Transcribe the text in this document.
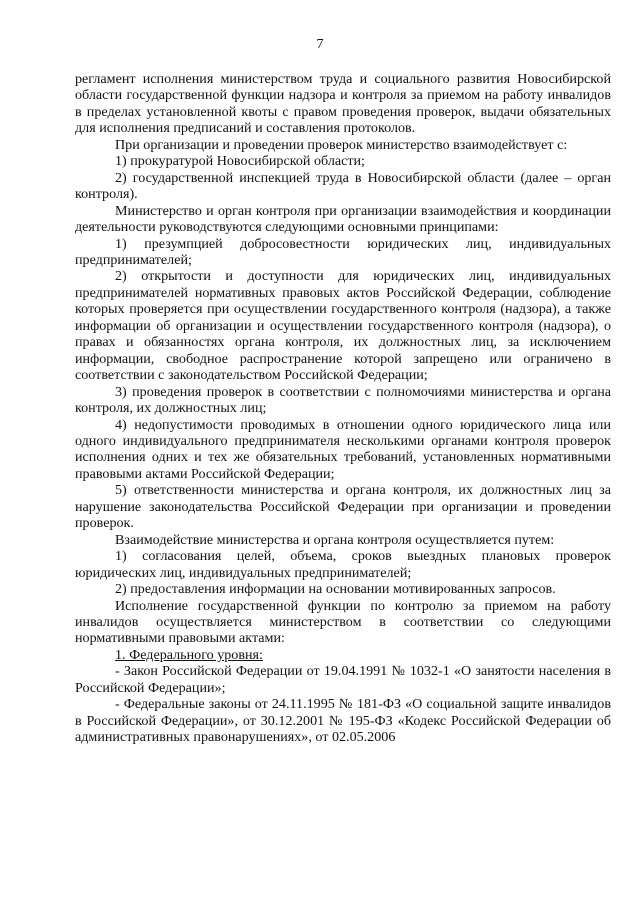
7

регламент исполнения министерством труда и социального развития Новосибирской области государственной функции надзора и контроля за приемом на работу инвалидов в пределах установленной квоты с правом проведения проверок, выдачи обязательных для исполнения предписаний и составления протоколов.

При организации и проведении проверок министерство взаимодействует с:

1) прокуратурой Новосибирской области;

2) государственной инспекцией труда в Новосибирской области (далее – орган контроля).

Министерство и орган контроля при организации взаимодействия и координации деятельности руководствуются следующими основными принципами:

1) презумпцией добросовестности юридических лиц, индивидуальных предпринимателей;

2) открытости и доступности для юридических лиц, индивидуальных предпринимателей нормативных правовых актов Российской Федерации, соблюдение которых проверяется при осуществлении государственного контроля (надзора), а также информации об организации и осуществлении государственного контроля (надзора), о правах и обязанностях органа контроля, их должностных лиц, за исключением информации, свободное распространение которой запрещено или ограничено в соответствии с законодательством Российской Федерации;

3) проведения проверок в соответствии с полномочиями министерства и органа контроля, их должностных лиц;

4) недопустимости проводимых в отношении одного юридического лица или одного индивидуального предпринимателя несколькими органами контроля проверок исполнения одних и тех же обязательных требований, установленных нормативными правовыми актами Российской Федерации;

5) ответственности министерства и органа контроля, их должностных лиц за нарушение законодательства Российской Федерации при организации и проведении проверок.

Взаимодействие министерства и органа контроля осуществляется путем:

1) согласования целей, объема, сроков выездных плановых проверок юридических лиц, индивидуальных предпринимателей;

2) предоставления информации на основании мотивированных запросов.

Исполнение государственной функции по контролю за приемом на работу инвалидов осуществляется министерством в соответствии со следующими нормативными правовыми актами:

1. Федерального уровня:

- Закон Российской Федерации от 19.04.1991 № 1032-1 «О занятости населения в Российской Федерации»;

- Федеральные законы от 24.11.1995 № 181-ФЗ «О социальной защите инвалидов в Российской Федерации», от 30.12.2001 № 195-ФЗ «Кодекс Российской Федерации об административных правонарушениях», от 02.05.2006
